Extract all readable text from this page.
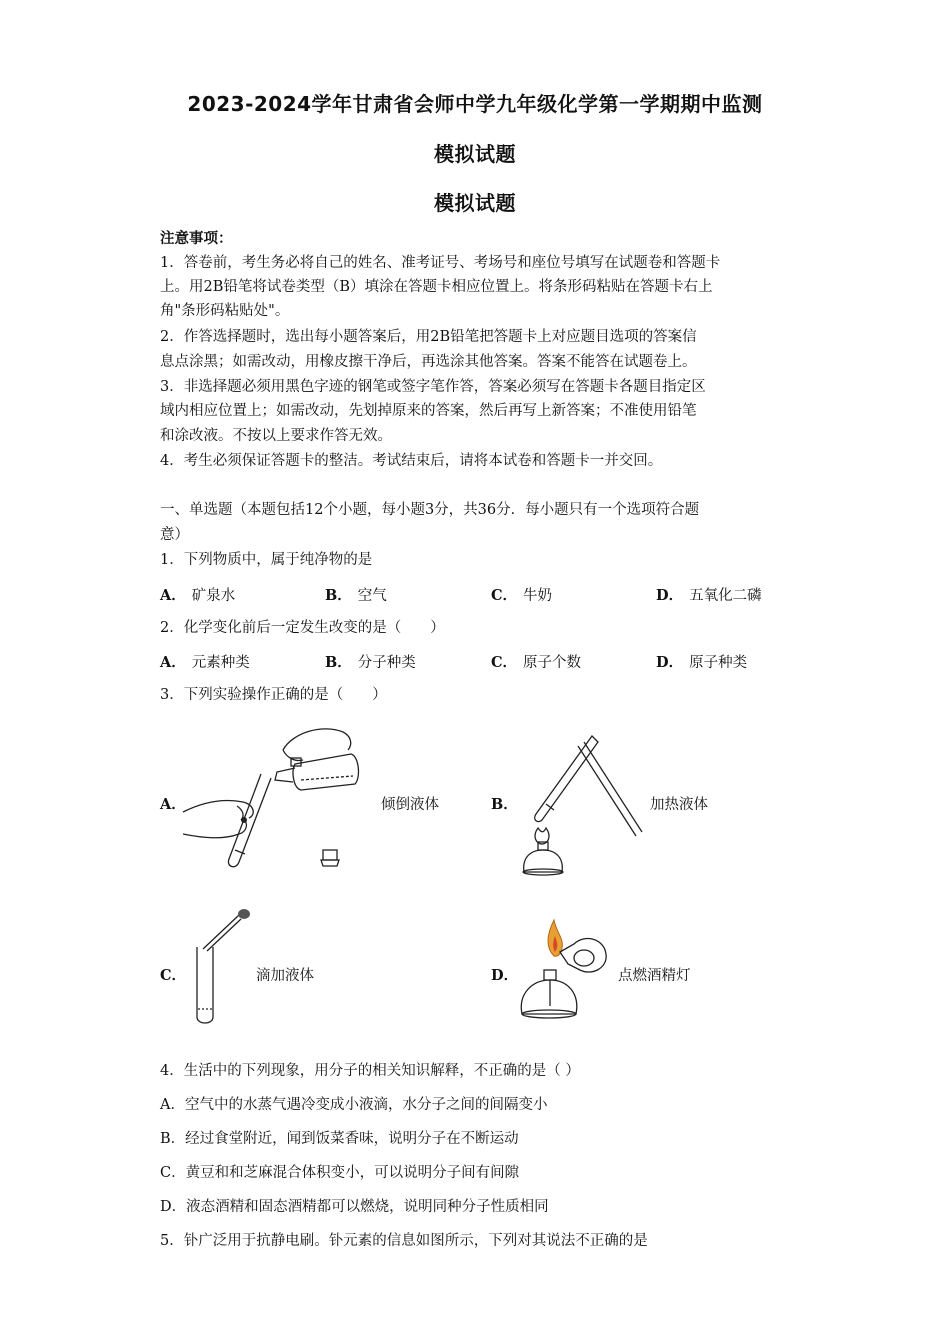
2023-2024学年甘肃省会师中学九年级化学第一学期期中监测
模拟试题
模拟试题
注意事项：
1．答卷前，考生务必将自己的姓名、准考证号、考场号和座位号填写在试题卷和答题卡
上。用2B铅笔将试卷类型（B）填涂在答题卡相应位置上。将条形码粘贴在答题卡右上
角"条形码粘贴处"。
2．作答选择题时，选出每小题答案后，用2B铅笔把答题卡上对应题目选项的答案信
息点涂黑；如需改动，用橡皮擦干净后，再选涂其他答案。答案不能答在试题卷上。
3．非选择题必须用黑色字迹的钢笔或签字笔作答，答案必须写在答题卡各题目指定区
域内相应位置上；如需改动，先划掉原来的答案，然后再写上新答案；不准使用铅笔
和涂改液。不按以上要求作答无效。
4．考生必须保证答题卡的整洁。考试结束后，请将本试卷和答题卡一并交回。
一、单选题（本题包括12个小题，每小题3分，共36分．每小题只有一个选项符合题
意）
1．下列物质中，属于纯净物的是
A． 矿泉水	B． 空气	C． 牛奶	D． 五氧化二磷
2．化学变化前后一定发生改变的是（　　）
A． 元素种类	B． 分子种类	C． 原子个数	D． 原子种类
3．下列实验操作正确的是（　　）
A．	倾倒液体	B．	加热液体
C．	滴加液体	D．	点燃酒精灯
4．生活中的下列现象，用分子的相关知识解释，不正确的是（ ）
A．空气中的水蒸气遇冷变成小液滴，水分子之间的间隔变小
B．经过食堂附近，闻到饭菜香味，说明分子在不断运动
C．黄豆和和芝麻混合体积变小，可以说明分子间有间隙
D．液态酒精和固态酒精都可以燃烧，说明同种分子性质相同
5．钋广泛用于抗静电刷。钋元素的信息如图所示，下列对其说法不正确的是
